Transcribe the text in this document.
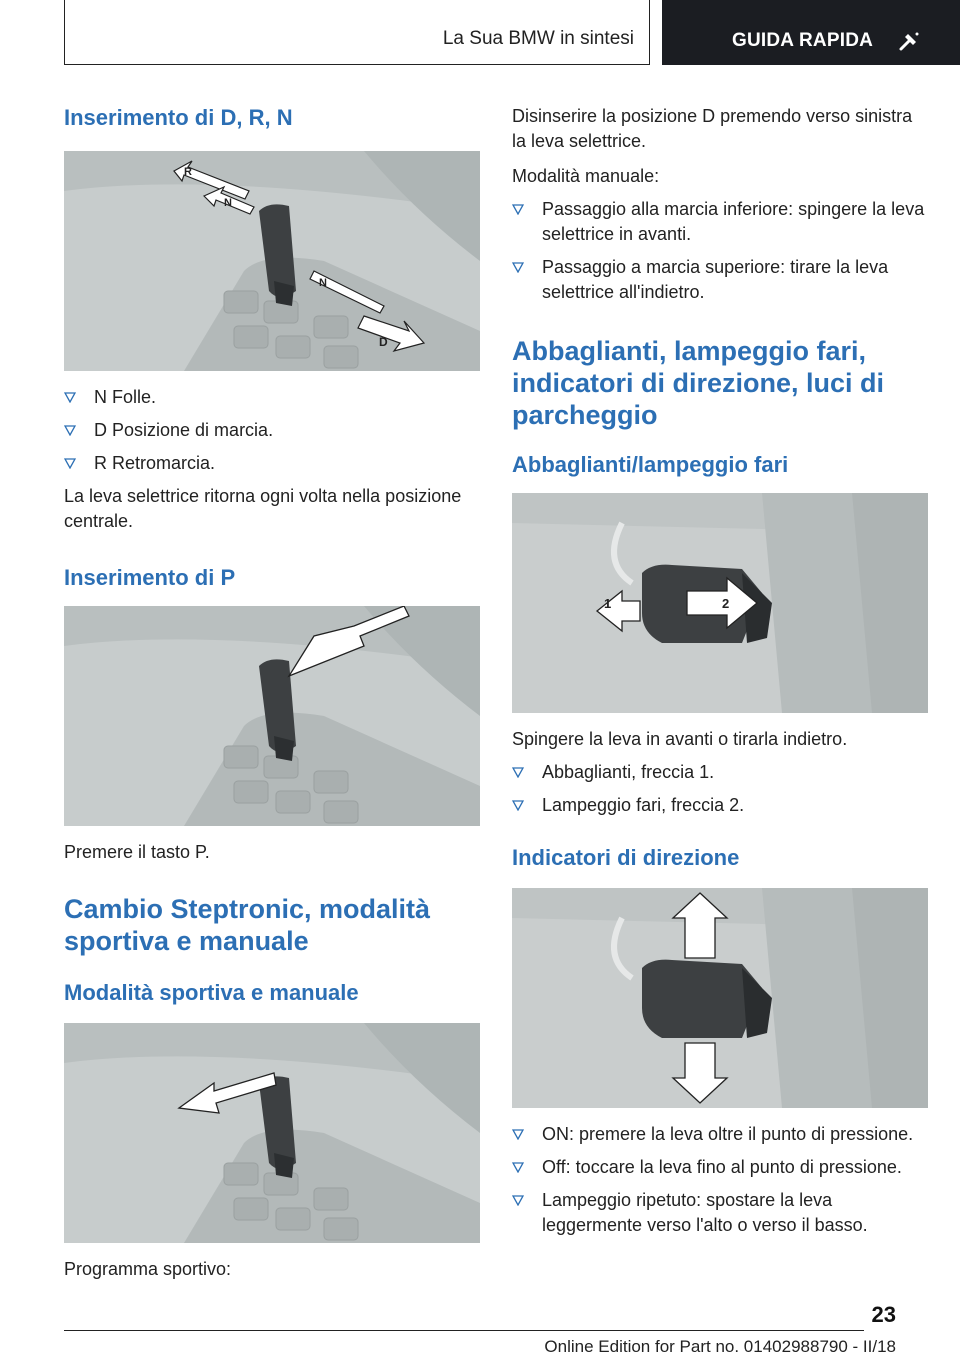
La Sua BMW in sintesi	GUIDA RAPIDA
Inserimento di D, R, N
R
N
N
D
N Folle.
D Posizione di marcia.
R Retromarcia.

La leva selettrice ritorna ogni volta nella posizione centrale.

Inserimento di P

Premere il tasto P.

Cambio Steptronic, modalità sportiva e manuale
Modalità sportiva e manuale

Programma sportivo:

Disinserire la posizione D premendo verso sinistra la leva selettrice.

Modalità manuale:

Passaggio alla marcia inferiore: spingere la leva selettrice in avanti.
Passaggio a marcia superiore: tirare la leva selettrice all'indietro.
Abbaglianti, lampeggio fari, indicatori di direzione, luci di parcheggio
Abbaglianti/lampeggio fari
1	2

Spingere la leva in avanti o tirarla indietro.

Abbaglianti, freccia 1.
Lampeggio fari, freccia 2.
Indicatori di direzione
ON: premere la leva oltre il punto di pressione.
Off: toccare la leva fino al punto di pressione.
Lampeggio ripetuto: spostare la leva leggermente verso l'alto o verso il basso.
23
Online Edition for Part no. 01402988790 - II/18
